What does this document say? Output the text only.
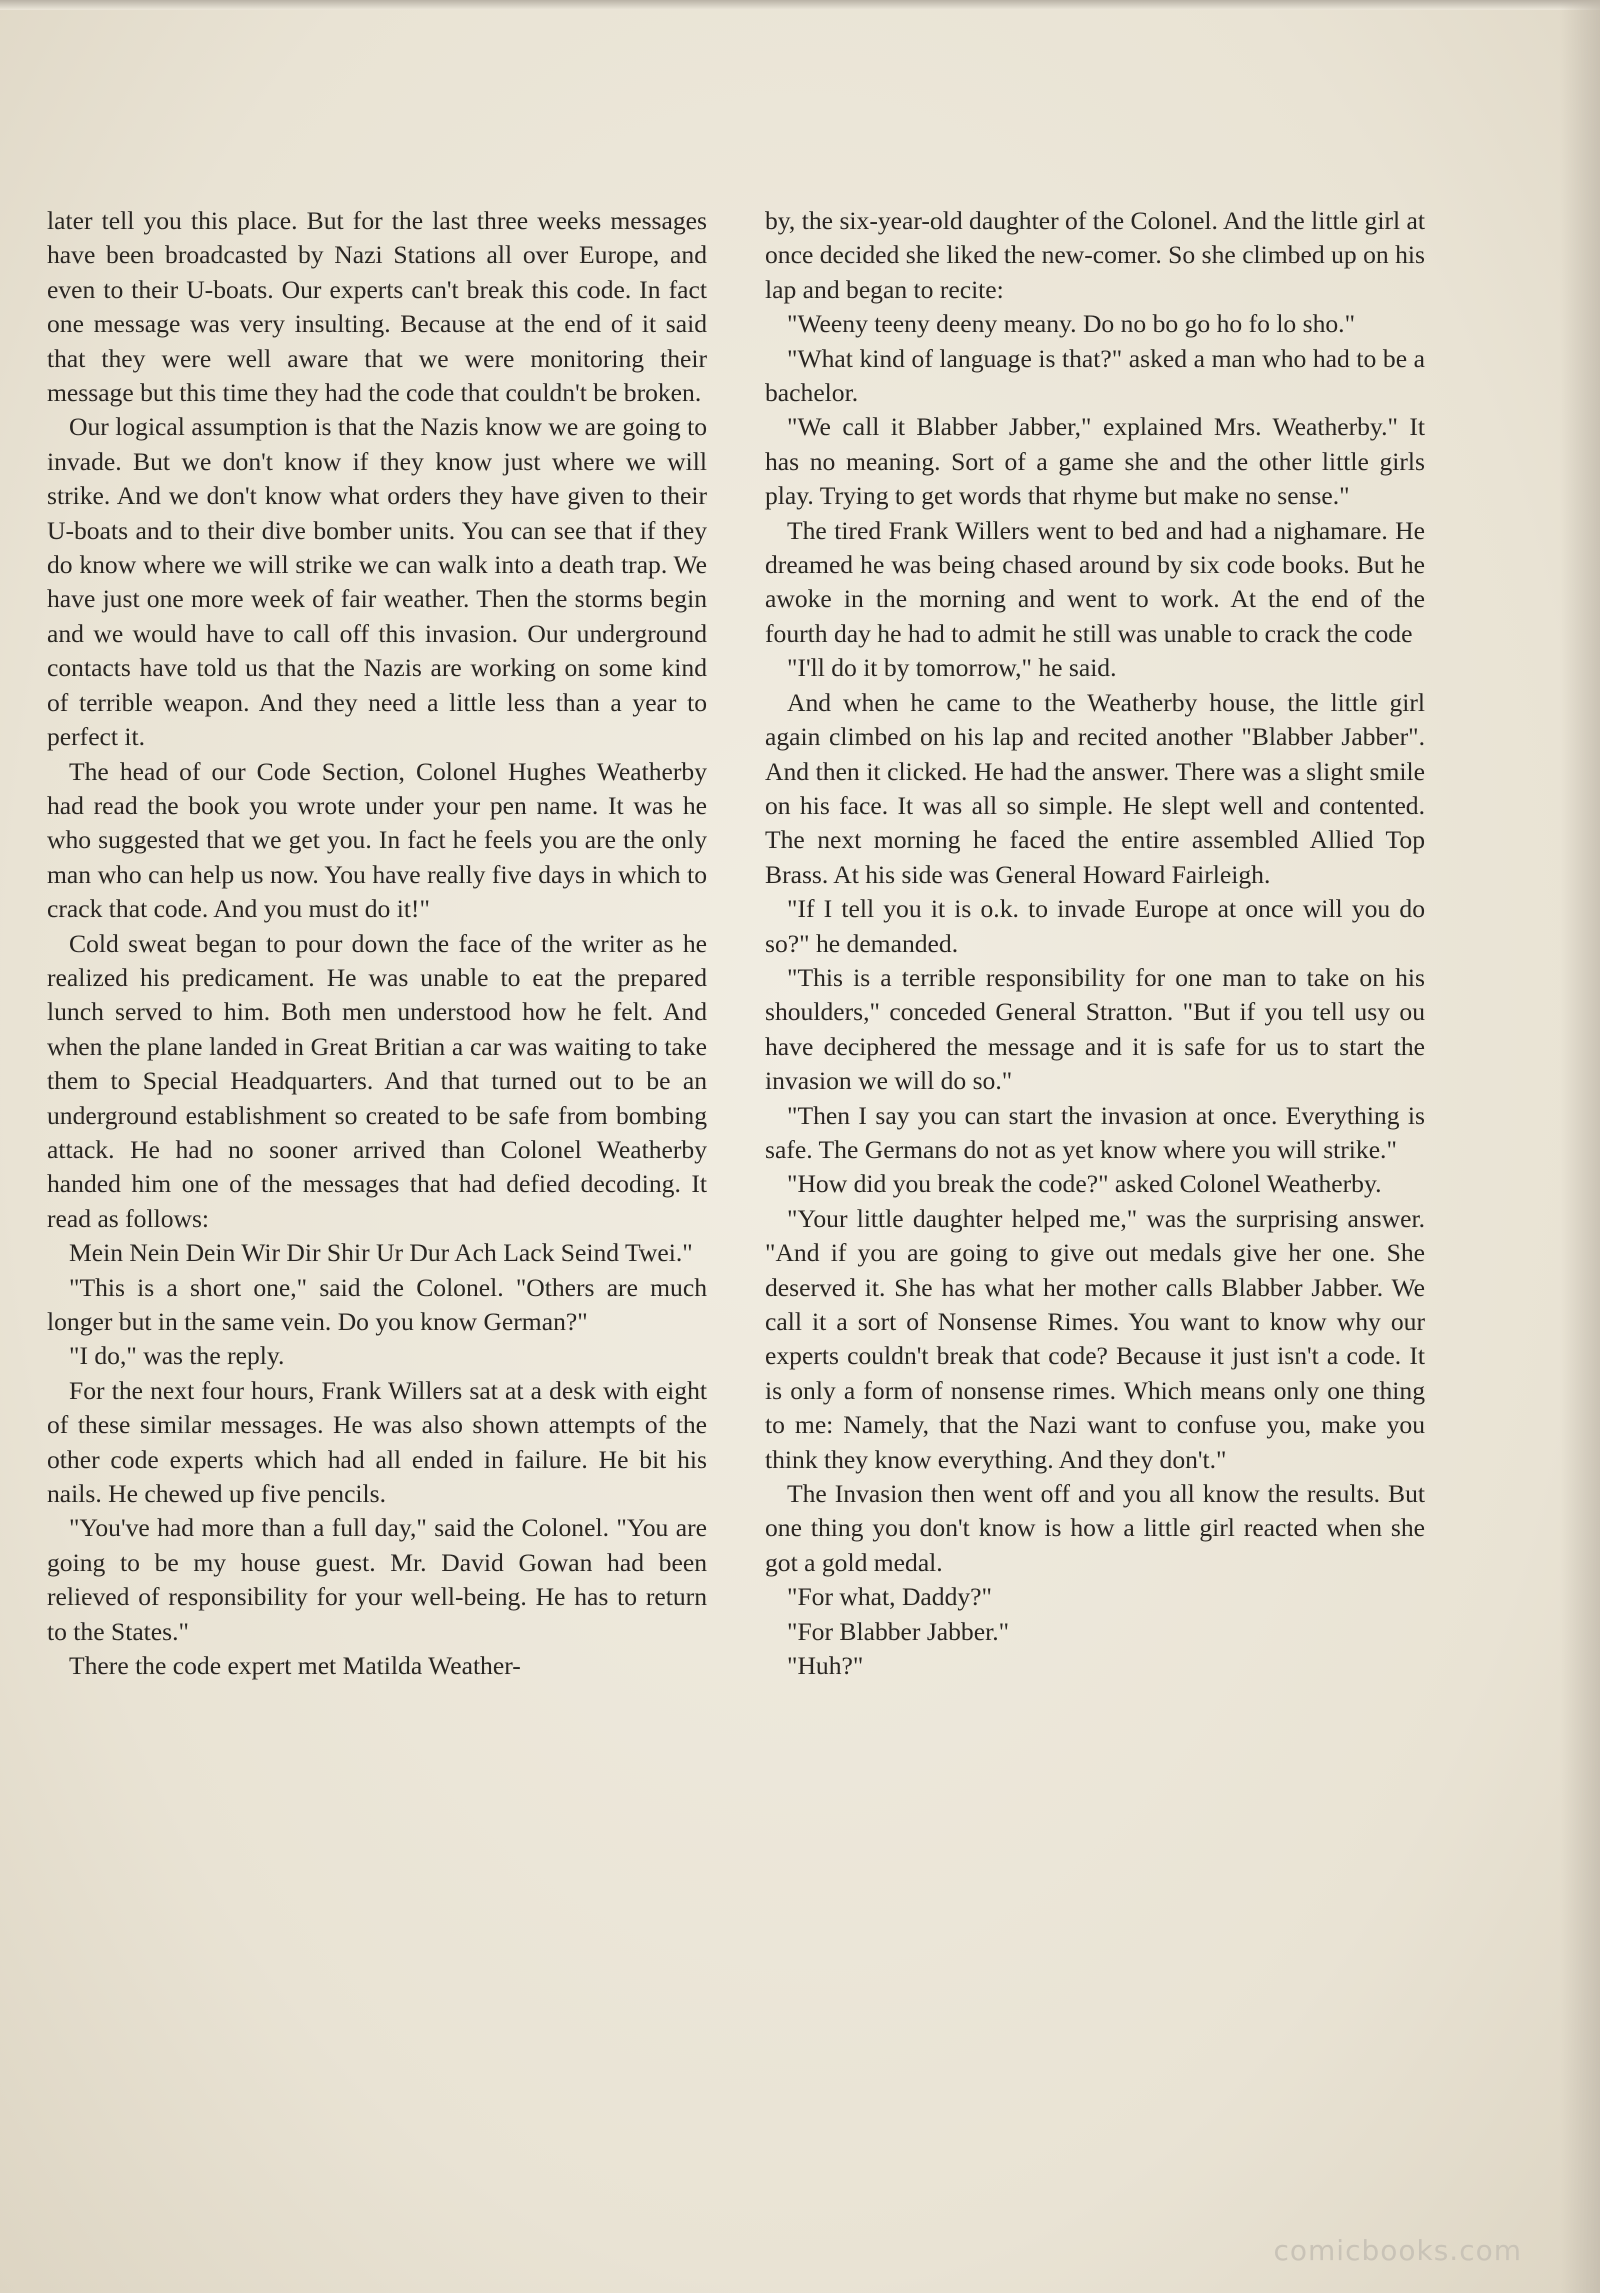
later tell you this place. But for the last three weeks messages have been broadcasted by Nazi Stations all over Europe, and even to their U-boats. Our experts can't break this code. In fact one message was very insulting. Because at the end of it said that they were well aware that we were monitoring their message but this time they had the code that couldn't be broken.

Our logical assumption is that the Nazis know we are going to invade. But we don't know if they know just where we will strike. And we don't know what orders they have given to their U-boats and to their dive bomber units. You can see that if they do know where we will strike we can walk into a death trap. We have just one more week of fair weather. Then the storms begin and we would have to call off this invasion. Our underground contacts have told us that the Nazis are working on some kind of terrible weapon. And they need a little less than a year to perfect it.

The head of our Code Section, Colonel Hughes Weatherby had read the book you wrote under your pen name. It was he who suggested that we get you. In fact he feels you are the only man who can help us now. You have really five days in which to crack that code. And you must do it!"

Cold sweat began to pour down the face of the writer as he realized his predicament. He was unable to eat the prepared lunch served to him. Both men understood how he felt. And when the plane landed in Great Britian a car was waiting to take them to Special Headquarters. And that turned out to be an underground establishment so created to be safe from bombing attack. He had no sooner arrived than Colonel Weatherby handed him one of the messages that had defied decoding. It read as follows:

Mein Nein Dein Wir Dir Shir Ur Dur Ach Lack Seind Twei."

"This is a short one," said the Colonel. "Others are much longer but in the same vein. Do you know German?"

"I do," was the reply.

For the next four hours, Frank Willers sat at a desk with eight of these similar messages. He was also shown attempts of the other code experts which had all ended in failure. He bit his nails. He chewed up five pencils.

"You've had more than a full day," said the Colonel. "You are going to be my house guest. Mr. David Gowan had been relieved of responsibility for your well-being. He has to return to the States."

There the code expert met Matilda Weather-

by, the six-year-old daughter of the Colonel. And the little girl at once decided she liked the new-comer. So she climbed up on his lap and began to recite:

"Weeny teeny deeny meany. Do no bo go ho fo lo sho."

"What kind of language is that?" asked a man who had to be a bachelor.

"We call it Blabber Jabber," explained Mrs. Weatherby." It has no meaning. Sort of a game she and the other little girls play. Trying to get words that rhyme but make no sense."

The tired Frank Willers went to bed and had a nighamare. He dreamed he was being chased around by six code books. But he awoke in the morning and went to work. At the end of the fourth day he had to admit he still was unable to crack the code

"I'll do it by tomorrow," he said.

And when he came to the Weatherby house, the little girl again climbed on his lap and recited another "Blabber Jabber". And then it clicked. He had the answer. There was a slight smile on his face. It was all so simple. He slept well and contented. The next morning he faced the entire assembled Allied Top Brass. At his side was General Howard Fairleigh.

"If I tell you it is o.k. to invade Europe at once will you do so?" he demanded.

"This is a terrible responsibility for one man to take on his shoulders," conceded General Stratton. "But if you tell usy ou have deciphered the message and it is safe for us to start the invasion we will do so."

"Then I say you can start the invasion at once. Everything is safe. The Germans do not as yet know where you will strike."

"How did you break the code?" asked Colonel Weatherby.

"Your little daughter helped me," was the surprising answer. "And if you are going to give out medals give her one. She deserved it. She has what her mother calls Blabber Jabber. We call it a sort of Nonsense Rimes. You want to know why our experts couldn't break that code? Because it just isn't a code. It is only a form of nonsense rimes. Which means only one thing to me: Namely, that the Nazi want to confuse you, make you think they know everything. And they don't."

The Invasion then went off and you all know the results. But one thing you don't know is how a little girl reacted when she got a gold medal.

"For what, Daddy?"

"For Blabber Jabber."

"Huh?"

comicbooks.com
